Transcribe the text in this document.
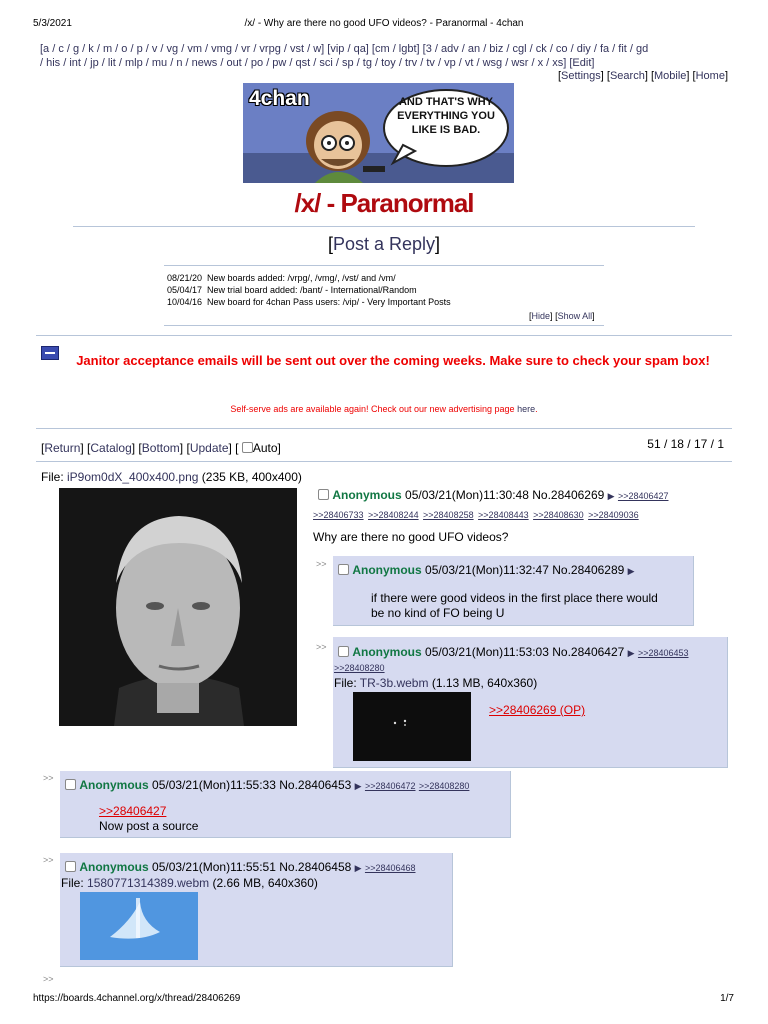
5/3/2021	/x/ - Why are there no good UFO videos? - Paranormal - 4chan
[a / c / g / k / m / o / p / v / vg / vm / vmg / vr / vrpg / vst / w] [vip / qa] [cm / lgbt] [3 / adv / an / biz / cgl / ck / co / diy / fa / fit / gd
/ his / int / jp / lit / mlp / mu / n / news / out / po / pw / qst / sci / sp / tg / toy / trv / tv / vp / vt / wsg / wsr / x / xs] [Edit]
[Settings] [Search] [Mobile] [Home]
4chan	AND THAT'S WHY EVERYTHING YOU LIKE IS BAD.
/x/ - Paranormal
[Post a Reply]
08/21/20 New boards added: /vrpg/, /vmg/, /vst/ and /vm/
05/04/17 New trial board added: /bant/ - International/Random
10/04/16 New board for 4chan Pass users: /vip/ - Very Important Posts
[Hide] [Show All]
Janitor acceptance emails will be sent out over the coming weeks. Make sure to check your spam box!
Self-serve ads are available again! Check out our new advertising page here.
[Return] [Catalog] [Bottom] [Update] [ Auto]	51 / 18 / 17 / 1
File: iP9om0dX_400x400.png (235 KB, 400x400)
Anonymous 05/03/21(Mon)11:30:48 No.28406269 ▶ >>28406427
>>28406733 >>28408244 >>28408258 >>28408443 >>28408630 >>28409036
Why are there no good UFO videos?
>>	Anonymous 05/03/21(Mon)11:32:47 No.28406289 ▶
if there were good videos in the first place there would
be no kind of FO being U
>>	Anonymous 05/03/21(Mon)11:53:03 No.28406427 ▶ >>28406453
>>28408280
File: TR-3b.webm (1.13 MB, 640x360)
>>28406269 (OP)
>>	Anonymous 05/03/21(Mon)11:55:33 No.28406453 ▶ >>28406472 >>28408280
>>28406427
Now post a source
>>	Anonymous 05/03/21(Mon)11:55:51 No.28406458 ▶ >>28406468
File: 1580771314389.webm (2.66 MB, 640x360)
>>
https://boards.4channel.org/x/thread/28406269	1/7
